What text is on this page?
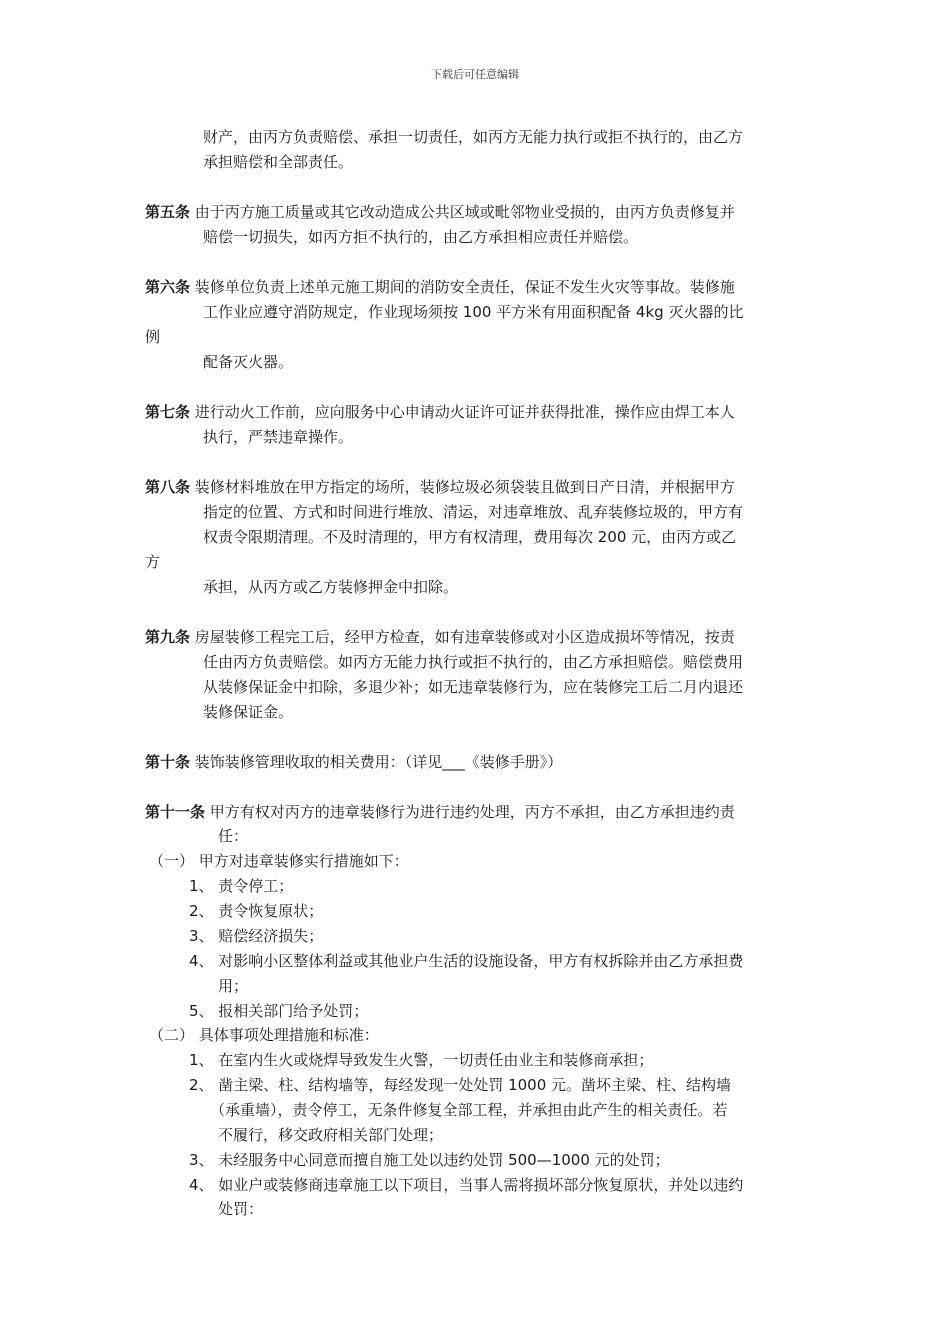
下载后可任意编辑
财产，由丙方负责赔偿、承担一切责任，如丙方无能力执行或拒不执行的，由乙方
承担赔偿和全部责任。
第五条 由于丙方施工质量或其它改动造成公共区域或毗邻物业受损的，由丙方负责修复并
赔偿一切损失，如丙方拒不执行的，由乙方承担相应责任并赔偿。
第六条 装修单位负责上述单元施工期间的消防安全责任，保证不发生火灾等事故。装修施
工作业应遵守消防规定，作业现场须按 100 平方米有用面积配备 4kg 灭火器的比
例
配备灭火器。
第七条 进行动火工作前，应向服务中心申请动火证许可证并获得批准，操作应由焊工本人
执行，严禁违章操作。
第八条 装修材料堆放在甲方指定的场所，装修垃圾必须袋装且做到日产日清，并根据甲方
指定的位置、方式和时间进行堆放、清运，对违章堆放、乱弃装修垃圾的，甲方有
权责令限期清理。不及时清理的，甲方有权清理，费用每次 200 元，由丙方或乙
方
承担，从丙方或乙方装修押金中扣除。
第九条 房屋装修工程完工后，经甲方检查，如有违章装修或对小区造成损坏等情况，按责
任由丙方负责赔偿。如丙方无能力执行或拒不执行的，由乙方承担赔偿。赔偿费用
从装修保证金中扣除，多退少补；如无违章装修行为，应在装修完工后二月内退还
装修保证金。
第十条 装饰装修管理收取的相关费用：（详见___《装修手册》）
第十一条 甲方有权对丙方的违章装修行为进行违约处理，丙方不承担，由乙方承担违约责
任：
（一） 甲方对违章装修实行措施如下：
1、 责令停工；
2、 责令恢复原状；
3、 赔偿经济损失；
4、 对影响小区整体利益或其他业户生活的设施设备，甲方有权拆除并由乙方承担费
用；
5、 报相关部门给予处罚；
（二） 具体事项处理措施和标准：
1、 在室内生火或烧焊导致发生火警，一切责任由业主和装修商承担；
2、 凿主梁、柱、结构墙等，每经发现一处处罚 1000 元。凿坏主梁、柱、结构墙
（承重墙），责令停工，无条件修复全部工程，并承担由此产生的相关责任。若
不履行，移交政府相关部门处理；
3、 未经服务中心同意而擅自施工处以违约处罚 500—1000 元的处罚；
4、 如业户或装修商违章施工以下项目，当事人需将损坏部分恢复原状，并处以违约
处罚：
